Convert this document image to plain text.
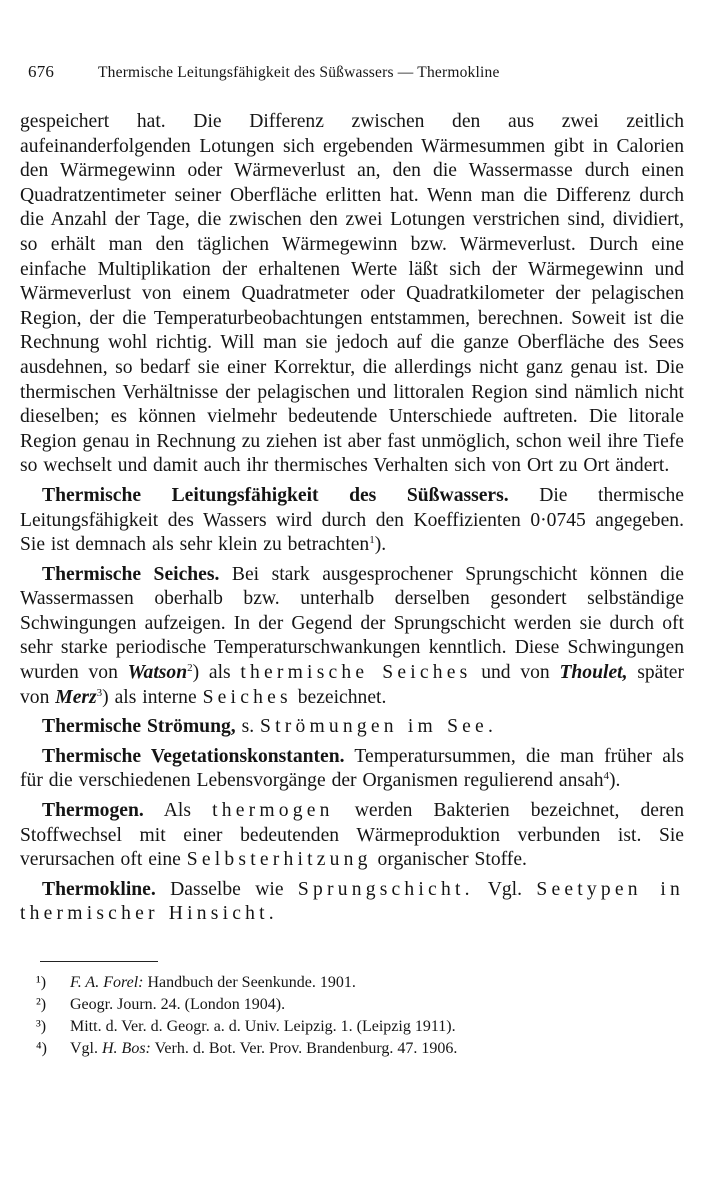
676	Thermische Leitungsfähigkeit des Süßwassers — Thermokline

gespeichert hat. Die Differenz zwischen den aus zwei zeitlich aufeinanderfolgenden Lotungen sich ergebenden Wärmesummen gibt in Calorien den Wärmegewinn oder Wärmeverlust an, den die Wassermasse durch einen Quadratzentimeter seiner Oberfläche erlitten hat. Wenn man die Differenz durch die Anzahl der Tage, die zwischen den zwei Lotungen verstrichen sind, dividiert, so erhält man den täglichen Wärmegewinn bzw. Wärmeverlust. Durch eine einfache Multiplikation der erhaltenen Werte läßt sich der Wärmegewinn und Wärmeverlust von einem Quadratmeter oder Quadratkilometer der pelagischen Region, der die Temperaturbeobachtungen entstammen, berechnen. Soweit ist die Rechnung wohl richtig. Will man sie jedoch auf die ganze Oberfläche des Sees ausdehnen, so bedarf sie einer Korrektur, die allerdings nicht ganz genau ist. Die thermischen Verhältnisse der pelagischen und littoralen Region sind nämlich nicht dieselben; es können vielmehr bedeutende Unterschiede auftreten. Die litorale Region genau in Rechnung zu ziehen ist aber fast unmöglich, schon weil ihre Tiefe so wechselt und damit auch ihr thermisches Verhalten sich von Ort zu Ort ändert.

Thermische Leitungsfähigkeit des Süßwassers. Die thermische Leitungsfähigkeit des Wassers wird durch den Koeffizienten 0·0745 angegeben. Sie ist demnach als sehr klein zu betrachten$^1$).

Thermische Seiches. Bei stark ausgesprochener Sprungschicht können die Wassermassen oberhalb bzw. unterhalb derselben gesondert selbständige Schwingungen aufzeigen. In der Gegend der Sprungschicht werden sie durch oft sehr starke periodische Temperaturschwankungen kenntlich. Diese Schwingungen wurden von Watson$^2$) als thermische Seiches und von Thoulet, später von Merz$^3$) als interne Seiches bezeichnet.

Thermische Strömung, s. Strömungen im See.

Thermische Vegetationskonstanten. Temperatursummen, die man früher als für die verschiedenen Lebensvorgänge der Organismen regulierend ansah$^4$).

Thermogen. Als thermogen werden Bakterien bezeichnet, deren Stoffwechsel mit einer bedeutenden Wärmeproduktion verbunden ist. Sie verursachen oft eine Selbsterhitzung organischer Stoffe.

Thermokline. Dasselbe wie Sprungschicht. Vgl. Seetypen in thermischer Hinsicht.

¹)	F. A. Forel: Handbuch der Seenkunde. 1901.
²)	Geogr. Journ. 24. (London 1904).
³)	Mitt. d. Ver. d. Geogr. a. d. Univ. Leipzig. 1. (Leipzig 1911).
⁴)	Vgl. H. Bos: Verh. d. Bot. Ver. Prov. Brandenburg. 47. 1906.
